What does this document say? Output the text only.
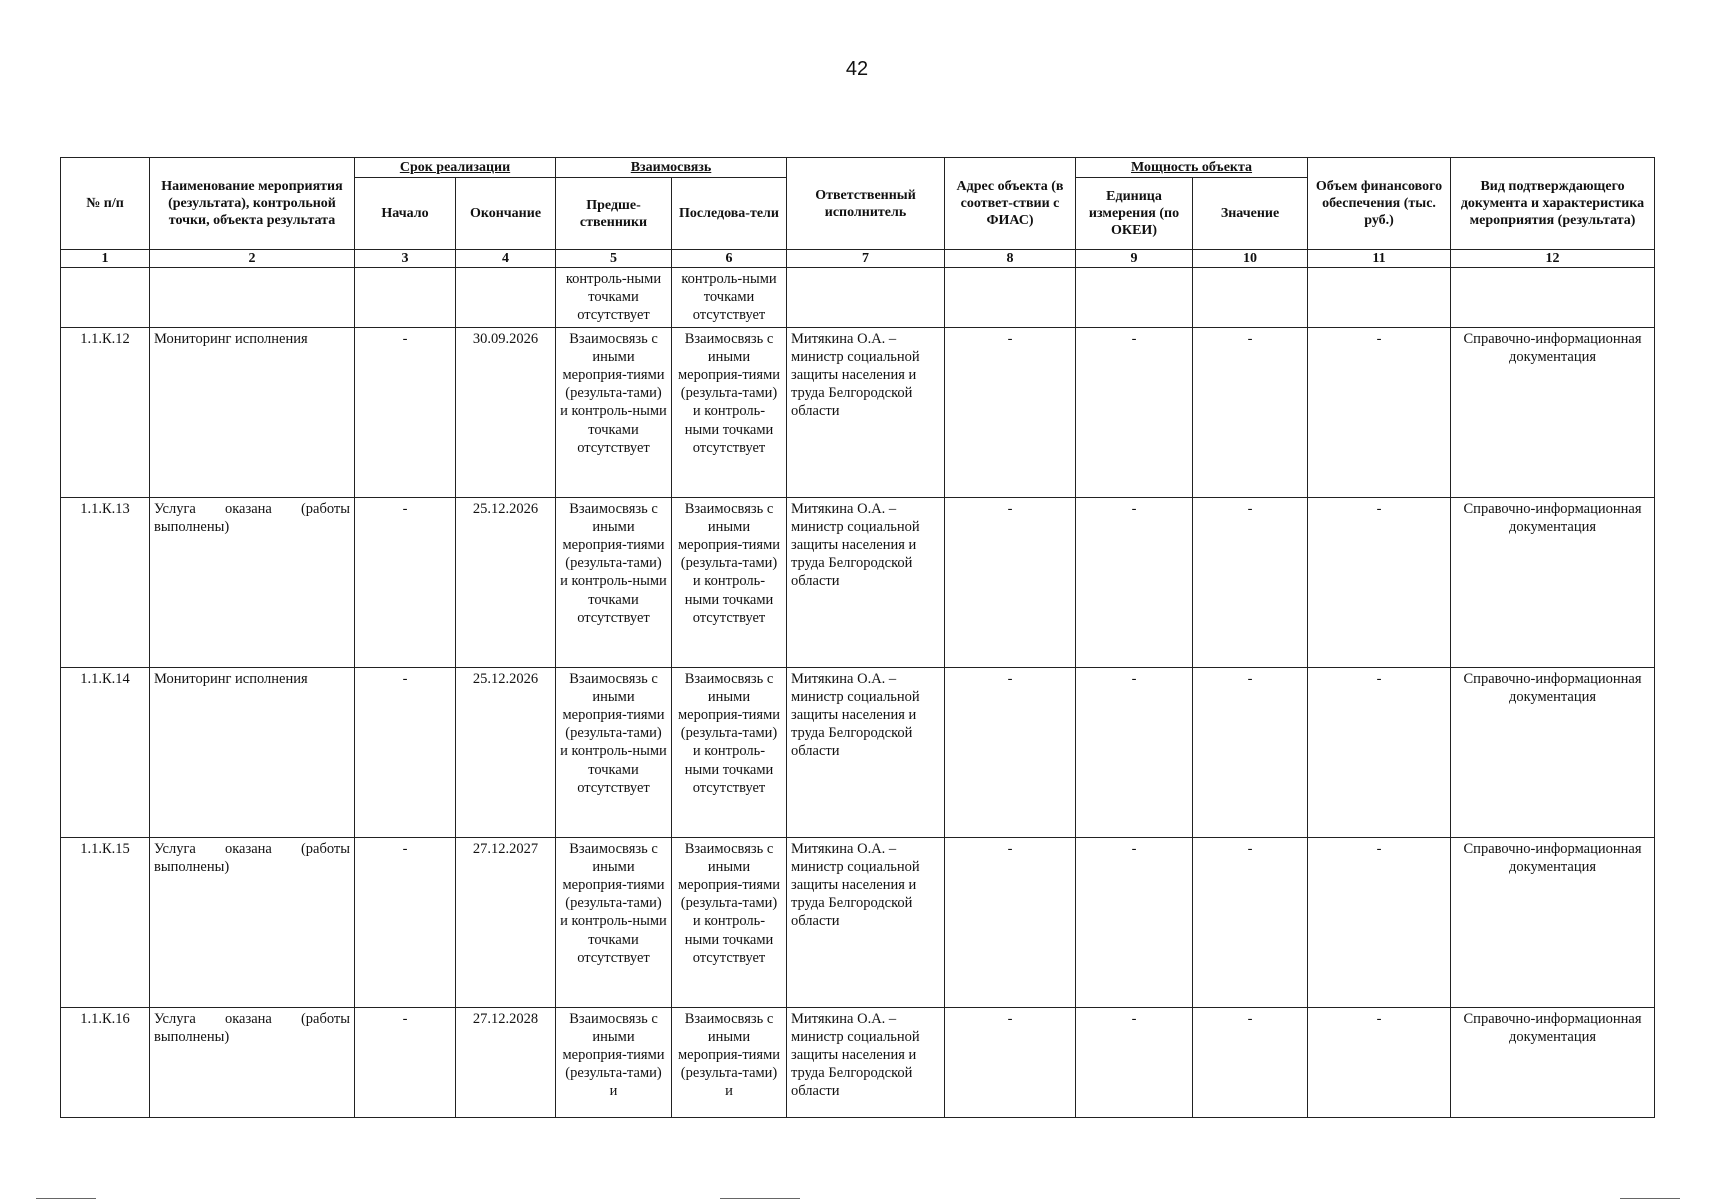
42
№ п/п	Наименование мероприятия (результата), контрольной точки, объекта результата	Срок реализации		Взаимосвязь		Ответственный исполнитель	Адрес объекта (в соответ-ствии с ФИАС)	Мощность объекта		Объем финансового обеспечения (тыс. руб.)	Вид подтверждающего документа и характеристика мероприятия (результата)
		Начало	Окончание	Предше-ственники	Последова-тели			Единица измерения (по ОКЕИ)	Значение		
1	2	3	4	5	6	7	8	9	10	11	12
				контроль-ными точками отсутствует	контроль-ными точками отсутствует						
1.1.К.12	Мониторинг исполнения	-	30.09.2026	Взаимосвязь с иными мероприя-тиями (результа-тами) и контроль-ными точками отсутствует	Взаимосвязь с иными мероприя-тиями (результа-тами) и контроль-ными точками отсутствует	Митякина О.А. – министр социальной защиты населения и труда Белгородской области	-	-	-	-	Справочно-информационная документация
1.1.К.13	Услуга оказана (работы выполнены)	-	25.12.2026	Взаимосвязь с иными мероприя-тиями (результа-тами) и контроль-ными точками отсутствует	Взаимосвязь с иными мероприя-тиями (результа-тами) и контроль-ными точками отсутствует	Митякина О.А. – министр социальной защиты населения и труда Белгородской области	-	-	-	-	Справочно-информационная документация
1.1.К.14	Мониторинг исполнения	-	25.12.2026	Взаимосвязь с иными мероприя-тиями (результа-тами) и контроль-ными точками отсутствует	Взаимосвязь с иными мероприя-тиями (результа-тами) и контроль-ными точками отсутствует	Митякина О.А. – министр социальной защиты населения и труда Белгородской области	-	-	-	-	Справочно-информационная документация
1.1.К.15	Услуга оказана (работы выполнены)	-	27.12.2027	Взаимосвязь с иными мероприя-тиями (результа-тами) и контроль-ными точками отсутствует	Взаимосвязь с иными мероприя-тиями (результа-тами) и контроль-ными точками отсутствует	Митякина О.А. – министр социальной защиты населения и труда Белгородской области	-	-	-	-	Справочно-информационная документация
1.1.К.16	Услуга оказана (работы выполнены)	-	27.12.2028	Взаимосвязь с иными мероприя-тиями (результа-тами) и	Взаимосвязь с иными мероприя-тиями (результа-тами) и	Митякина О.А. – министр социальной защиты населения и труда Белгородской области	-	-	-	-	Справочно-информационная документация
